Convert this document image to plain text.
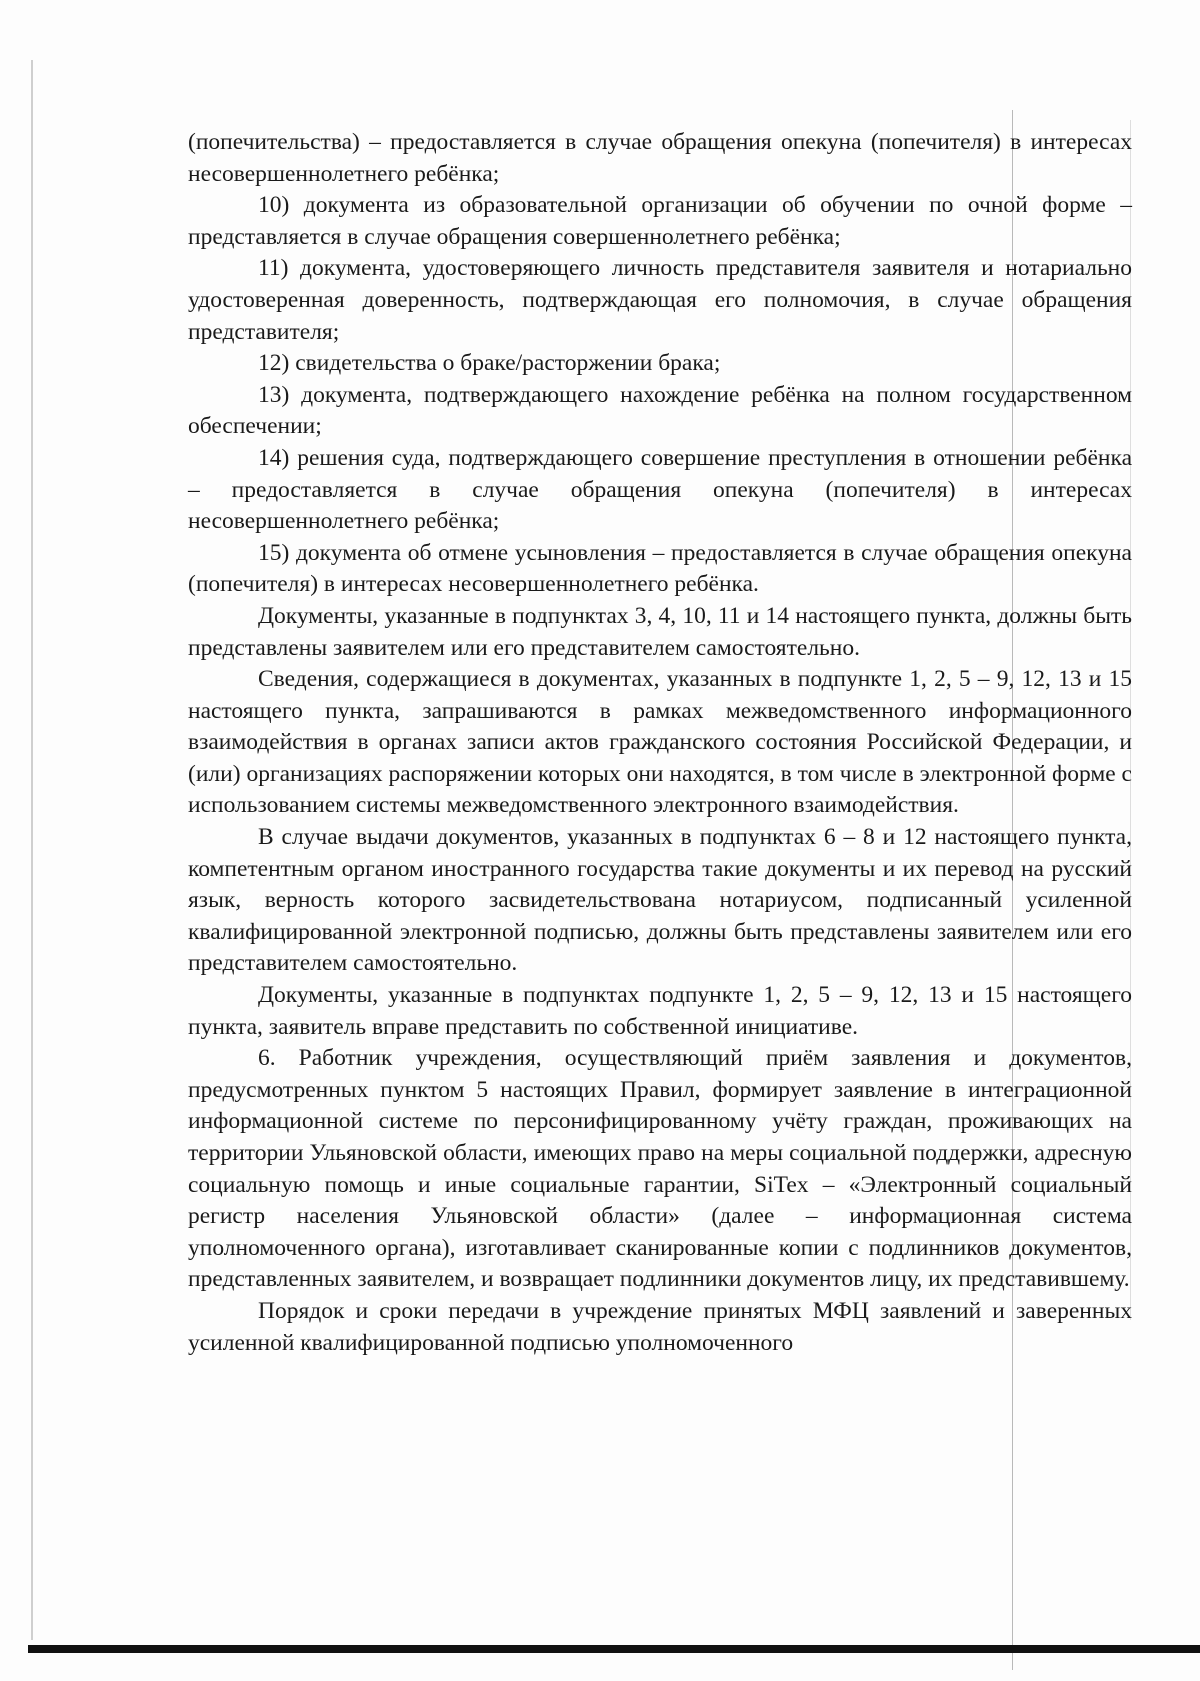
(попечительства) – предоставляется в случае обращения опекуна (попечителя) в интересах несовершеннолетнего ребёнка;

10) документа из образовательной организации об обучении по очной форме – представляется в случае обращения совершеннолетнего ребёнка;

11) документа, удостоверяющего личность представителя заявителя и нотариально удостоверенная доверенность, подтверждающая его полномочия, в случае обращения представителя;

12) свидетельства о браке/расторжении брака;

13) документа, подтверждающего нахождение ребёнка на полном государственном обеспечении;

14) решения суда, подтверждающего совершение преступления в отношении ребёнка – предоставляется в случае обращения опекуна (попечителя) в интересах несовершеннолетнего ребёнка;

15) документа об отмене усыновления – предоставляется в случае обращения опекуна (попечителя) в интересах несовершеннолетнего ребёнка.

Документы, указанные в подпунктах 3, 4, 10, 11 и 14 настоящего пункта, должны быть представлены заявителем или его представителем самостоятельно.

Сведения, содержащиеся в документах, указанных в подпункте 1, 2, 5 – 9, 12, 13 и 15 настоящего пункта, запрашиваются в рамках межведомственного информационного взаимодействия в органах записи актов гражданского состояния Российской Федерации, и (или) организациях распоряжении которых они находятся, в том числе в электронной форме с использованием системы межведомственного электронного взаимодействия.

В случае выдачи документов, указанных в подпунктах 6 – 8 и 12 настоящего пункта, компетентным органом иностранного государства такие документы и их перевод на русский язык, верность которого засвидетельствована нотариусом, подписанный усиленной квалифицированной электронной подписью, должны быть представлены заявителем или его представителем самостоятельно.

Документы, указанные в подпунктах подпункте 1, 2, 5 – 9, 12, 13 и 15 настоящего пункта, заявитель вправе представить по собственной инициативе.

6. Работник учреждения, осуществляющий приём заявления и документов, предусмотренных пунктом 5 настоящих Правил, формирует заявление в интеграционной информационной системе по персонифицированному учёту граждан, проживающих на территории Ульяновской области, имеющих право на меры социальной поддержки, адресную социальную помощь и иные социальные гарантии, SiTex – «Электронный социальный регистр населения Ульяновской области» (далее – информационная система уполномоченного органа), изготавливает сканированные копии с подлинников документов, представленных заявителем, и возвращает подлинники документов лицу, их представившему.

Порядок и сроки передачи в учреждение принятых МФЦ заявлений и заверенных усиленной квалифицированной подписью уполномоченного
